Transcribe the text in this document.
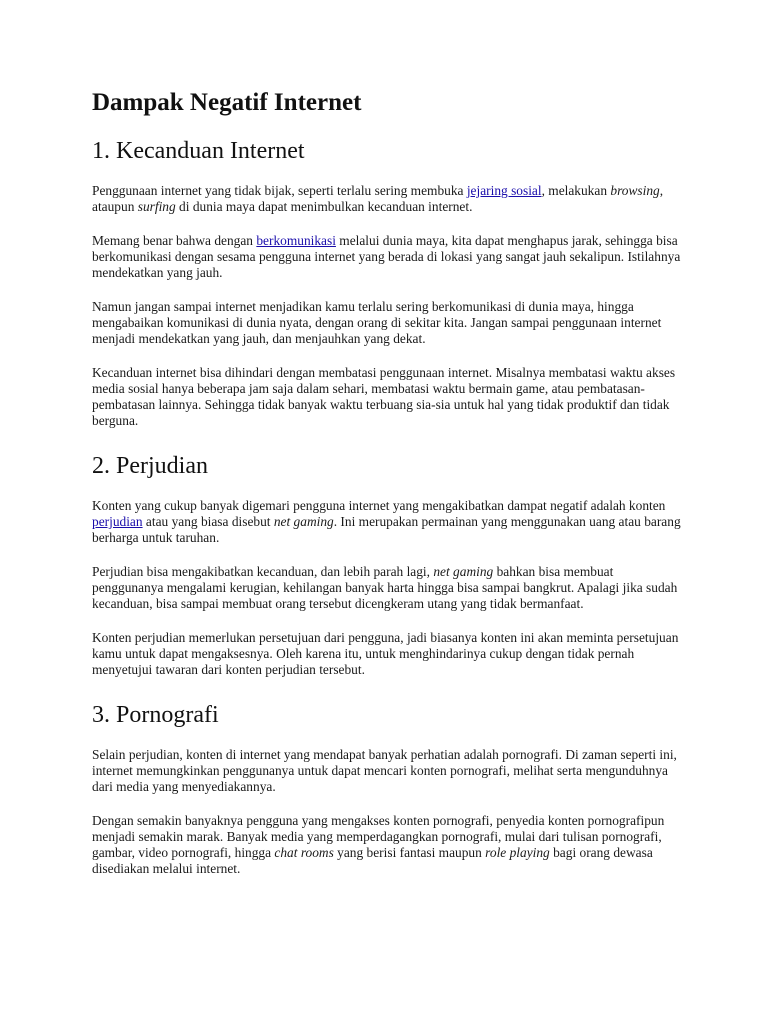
Dampak Negatif Internet
1. Kecanduan Internet

Penggunaan internet yang tidak bijak, seperti terlalu sering membuka jejaring sosial, melakukan browsing, ataupun surfing di dunia maya dapat menimbulkan kecanduan internet.

Memang benar bahwa dengan berkomunikasi melalui dunia maya, kita dapat menghapus jarak, sehingga bisa berkomunikasi dengan sesama pengguna internet yang berada di lokasi yang sangat jauh sekalipun. Istilahnya mendekatkan yang jauh.

Namun jangan sampai internet menjadikan kamu terlalu sering berkomunikasi di dunia maya, hingga mengabaikan komunikasi di dunia nyata, dengan orang di sekitar kita. Jangan sampai penggunaan internet menjadi mendekatkan yang jauh, dan menjauhkan yang dekat.

Kecanduan internet bisa dihindari dengan membatasi penggunaan internet. Misalnya membatasi waktu akses media sosial hanya beberapa jam saja dalam sehari, membatasi waktu bermain game, atau pembatasan-pembatasan lainnya. Sehingga tidak banyak waktu terbuang sia-sia untuk hal yang tidak produktif dan tidak berguna.

2. Perjudian

Konten yang cukup banyak digemari pengguna internet yang mengakibatkan dampat negatif adalah konten perjudian atau yang biasa disebut net gaming. Ini merupakan permainan yang menggunakan uang atau barang berharga untuk taruhan.

Perjudian bisa mengakibatkan kecanduan, dan lebih parah lagi, net gaming bahkan bisa membuat penggunanya mengalami kerugian, kehilangan banyak harta hingga bisa sampai bangkrut. Apalagi jika sudah kecanduan, bisa sampai membuat orang tersebut dicengkeram utang yang tidak bermanfaat.

Konten perjudian memerlukan persetujuan dari pengguna, jadi biasanya konten ini akan meminta persetujuan kamu untuk dapat mengaksesnya. Oleh karena itu, untuk menghindarinya cukup dengan tidak pernah menyetujui tawaran dari konten perjudian tersebut.

3. Pornografi

Selain perjudian, konten di internet yang mendapat banyak perhatian adalah pornografi. Di zaman seperti ini, internet memungkinkan penggunanya untuk dapat mencari konten pornografi, melihat serta mengunduhnya dari media yang menyediakannya.

Dengan semakin banyaknya pengguna yang mengakses konten pornografi, penyedia konten pornografipun menjadi semakin marak. Banyak media yang memperdagangkan pornografi, mulai dari tulisan pornografi, gambar, video pornografi, hingga chat rooms yang berisi fantasi maupun role playing bagi orang dewasa disediakan melalui internet.
